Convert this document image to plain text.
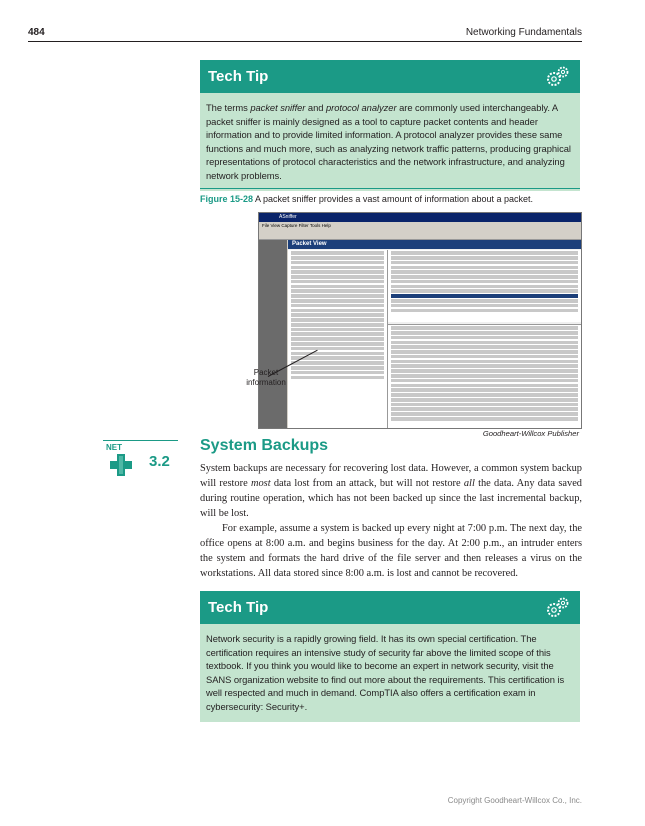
484	Networking Fundamentals
Tech Tip
The terms packet sniffer and protocol analyzer are commonly used interchangeably. A packet sniffer is mainly designed as a tool to capture packet contents and header information and to provide limited information. A protocol analyzer provides these same functions and much more, such as analyzing network traffic patterns, producing graphical representations of protocol characteristics and the network infrastructure, and analyzing network problems.
Figure 15-28 A packet sniffer provides a vast amount of information about a packet.
ASniffer
File View Capture Filter Tools Help
Packet View
Packet information
Goodheart-Willcox Publisher
NET
3.2
System Backups
System backups are necessary for recovering lost data. However, a common system backup will restore most data lost from an attack, but will not restore all the data. Any data saved during routine operation, which has not been backed up since the last incremental backup, will be lost.
For example, assume a system is backed up every night at 7:00 p.m. The next day, the office opens at 8:00 a.m. and begins business for the day. At 2:00 p.m., an intruder enters the system and formats the hard drive of the file server and then releases a virus on the workstations. All data stored since 8:00 a.m. is lost and cannot be recovered.
Tech Tip
Network security is a rapidly growing field. It has its own special certification. The certification requires an intensive study of security far above the limited scope of this textbook. If you think you would like to become an expert in network security, visit the SANS organization website to find out more about the requirements. This certification is well respected and much in demand. CompTIA also offers a certification exam in cybersecurity: Security+.
Copyright Goodheart-Willcox Co., Inc.
